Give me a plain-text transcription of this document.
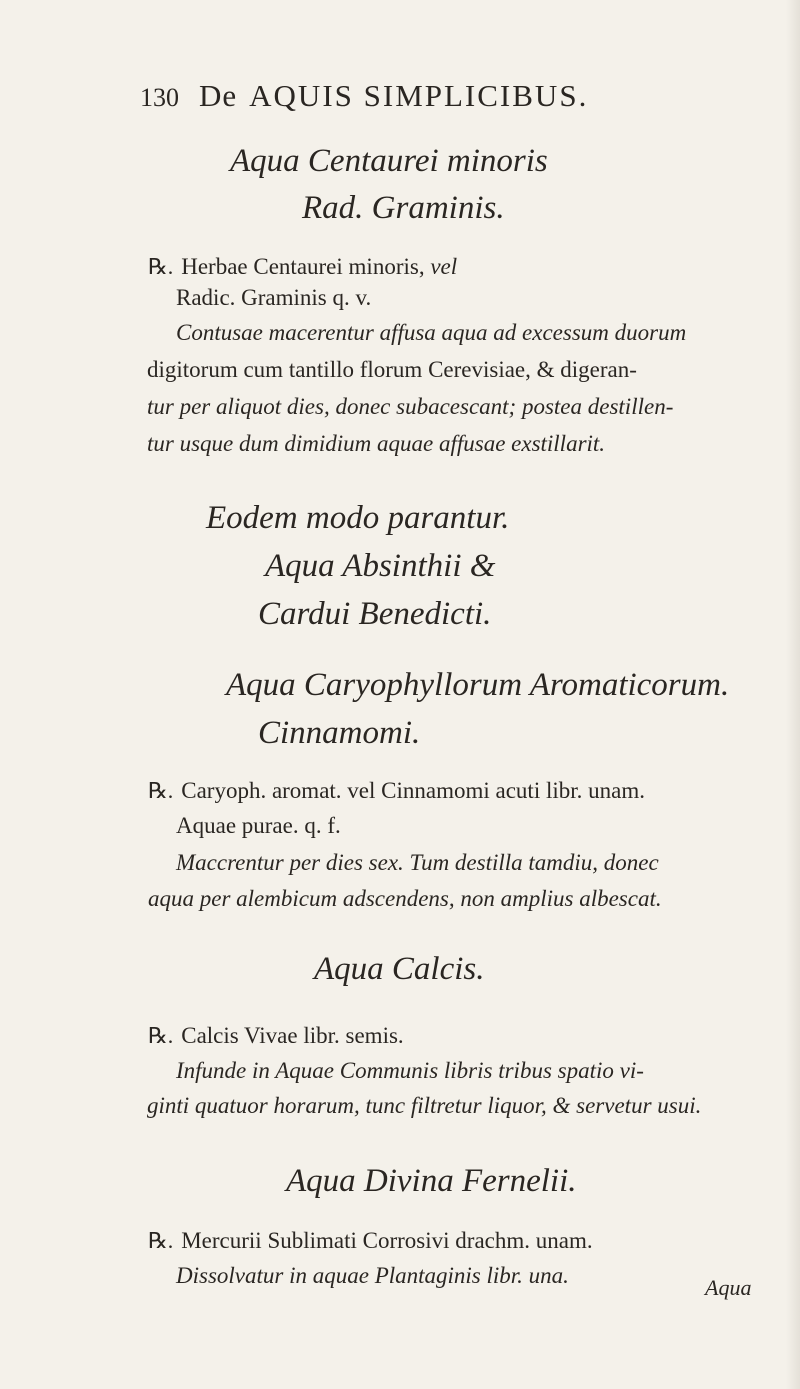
130 De AQUIS SIMPLICIBUS.
Aqua Centaurei minoris
Rad. Graminis.
℞. Herbae Centaurei minoris, vel
Radic. Graminis q. v.
Contusae macerentur affusa aqua ad excessum duorum
digitorum cum tantillo florum Cerevisiae, & digeran-
tur per aliquot dies, donec subacescant; postea destillen-
tur usque dum dimidium aquae affusae exstillarit.
Eodem modo parantur.
Aqua Absinthii &
Cardui Benedicti.
Aqua Caryophyllorum Aromaticorum.
Cinnamomi.
℞. Caryoph. aromat. vel Cinnamomi acuti libr. unam.
Aquae purae. q. f.
Maccrentur per dies sex. Tum destilla tamdiu, donec
aqua per alembicum adscendens, non amplius albescat.
Aqua Calcis.
℞. Calcis Vivae libr. semis.
Infunde in Aquae Communis libris tribus spatio vi-
ginti quatuor horarum, tunc filtretur liquor, & servetur usui.
Aqua Divina Fernelii.
℞. Mercurii Sublimati Corrosivi drachm. unam.
Dissolvatur in aquae Plantaginis libr. una.	Aqua
